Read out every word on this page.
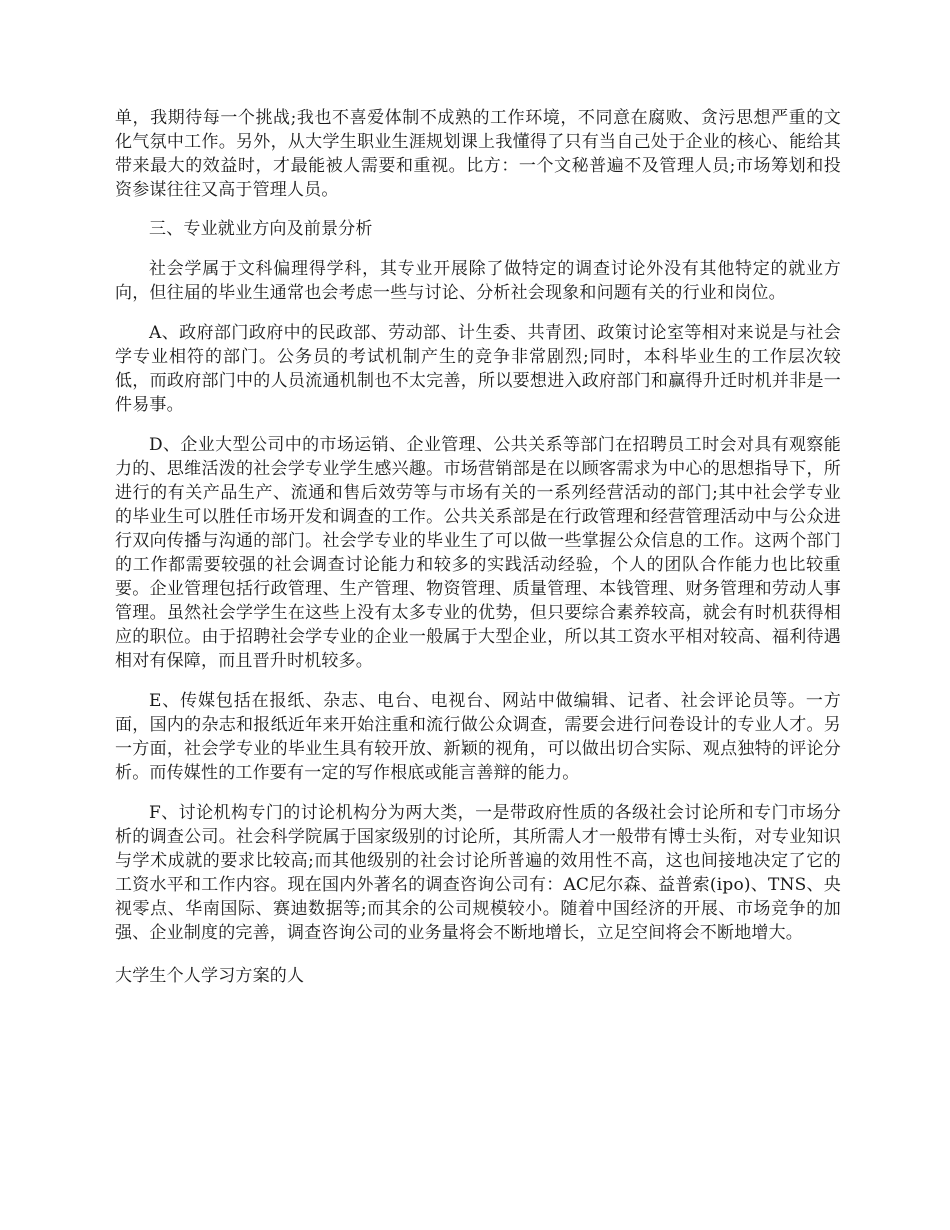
单，我期待每一个挑战;我也不喜爱体制不成熟的工作环境，不同意在腐败、贪污思想严重的文化气氛中工作。另外，从大学生职业生涯规划课上我懂得了只有当自己处于企业的核心、能给其带来最大的效益时，才最能被人需要和重视。比方：一个文秘普遍不及管理人员;市场筹划和投资参谋往往又高于管理人员。

三、专业就业方向及前景分析

社会学属于文科偏理得学科，其专业开展除了做特定的调查讨论外没有其他特定的就业方向，但往届的毕业生通常也会考虑一些与讨论、分析社会现象和问题有关的行业和岗位。

A、政府部门政府中的民政部、劳动部、计生委、共青团、政策讨论室等相对来说是与社会学专业相符的部门。公务员的考试机制产生的竞争非常剧烈;同时，本科毕业生的工作层次较低，而政府部门中的人员流通机制也不太完善，所以要想进入政府部门和赢得升迁时机并非是一件易事。

D、企业大型公司中的市场运销、企业管理、公共关系等部门在招聘员工时会对具有观察能力的、思维活泼的社会学专业学生感兴趣。市场营销部是在以顾客需求为中心的思想指导下，所进行的有关产品生产、流通和售后效劳等与市场有关的一系列经营活动的部门;其中社会学专业的毕业生可以胜任市场开发和调查的工作。公共关系部是在行政管理和经营管理活动中与公众进行双向传播与沟通的部门。社会学专业的毕业生了可以做一些掌握公众信息的工作。这两个部门的工作都需要较强的社会调查讨论能力和较多的实践活动经验，个人的团队合作能力也比较重要。企业管理包括行政管理、生产管理、物资管理、质量管理、本钱管理、财务管理和劳动人事管理。虽然社会学学生在这些上没有太多专业的优势，但只要综合素养较高，就会有时机获得相应的职位。由于招聘社会学专业的企业一般属于大型企业，所以其工资水平相对较高、福利待遇相对有保障，而且晋升时机较多。

E、传媒包括在报纸、杂志、电台、电视台、网站中做编辑、记者、社会评论员等。一方面，国内的杂志和报纸近年来开始注重和流行做公众调查，需要会进行问卷设计的专业人才。另一方面，社会学专业的毕业生具有较开放、新颖的视角，可以做出切合实际、观点独特的评论分析。而传媒性的工作要有一定的写作根底或能言善辩的能力。

F、讨论机构专门的讨论机构分为两大类，一是带政府性质的各级社会讨论所和专门市场分析的调查公司。社会科学院属于国家级别的讨论所，其所需人才一般带有博士头衔，对专业知识与学术成就的要求比较高;而其他级别的社会讨论所普遍的效用性不高，这也间接地决定了它的工资水平和工作内容。现在国内外著名的调查咨询公司有：AC尼尔森、益普索(ipo)、TNS、央视零点、华南国际、赛迪数据等;而其余的公司规模较小。随着中国经济的开展、市场竞争的加强、企业制度的完善，调查咨询公司的业务量将会不断地增长，立足空间将会不断地增大。

大学生个人学习方案的人
